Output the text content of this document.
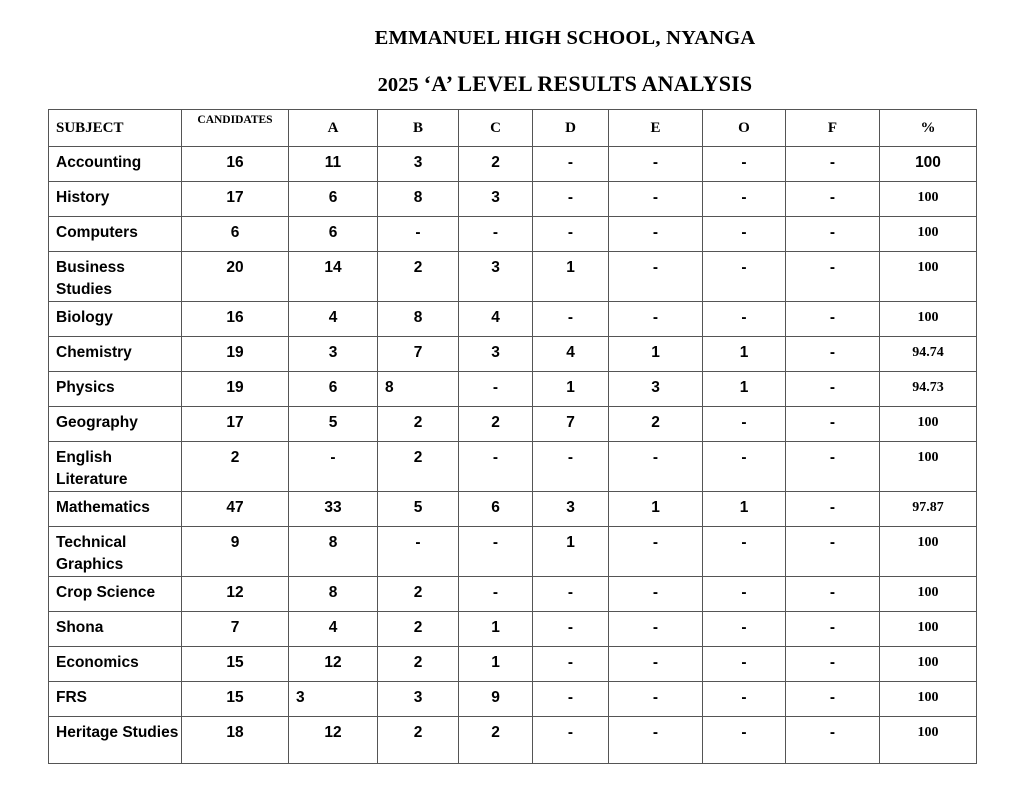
EMMANUEL HIGH SCHOOL, NYANGA
2025 ‘A’ LEVEL RESULTS ANALYSIS
SUBJECT	CANDIDATES	A	B	C	D	E	O	F	%
Accounting	16	11	3	2	-	-	-	-	100
History	17	6	8	3	-	-	-	-	100
Computers	6	6	-	-	-	-	-	-	100
Business Studies	20	14	2	3	1	-	-	-	100
Biology	16	4	8	4	-	-	-	-	100
Chemistry	19	3	7	3	4	1	1	-	94.74
Physics	19	6	8	-	1	3	1	-	94.73
Geography	17	5	2	2	7	2	-	-	100
English Literature	2	-	2	-	-	-	-	-	100
Mathematics	47	33	5	6	3	1	1	-	97.87
Technical Graphics	9	8	-	-	1	-	-	-	100
Crop Science	12	8	2	-	-	-	-	-	100
Shona	7	4	2	1	-	-	-	-	100
Economics	15	12	2	1	-	-	-	-	100
FRS	15	3	3	9	-	-	-	-	100
Heritage Studies	18	12	2	2	-	-	-	-	100
